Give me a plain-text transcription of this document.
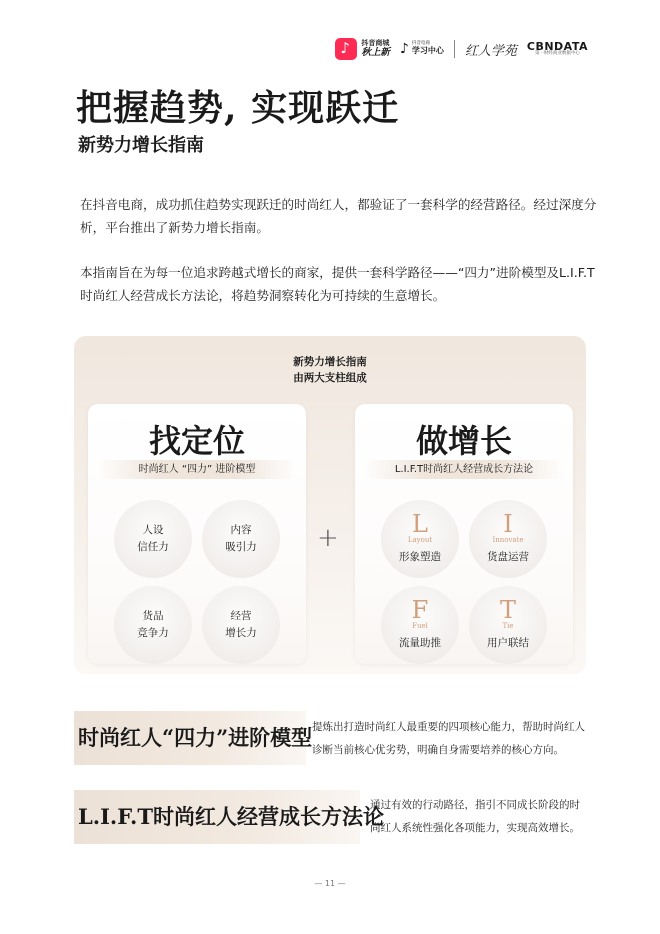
♪
抖音商城
秋上新 ♪ 抖音电商
学习中心 红人学苑 CBNDATA
第一财经商业数据中心
把握趋势, 实现跃迁
新势力增长指南

在抖音电商，成功抓住趋势实现跃迁的时尚红人，都验证了一套科学的经营路径。经过深度分析，平台推出了新势力增长指南。

本指南旨在为每一位追求跨越式增长的商家，提供一套科学路径——“四力”进阶模型及L.I.F.T时尚红人经营成长方法论，将趋势洞察转化为可持续的生意增长。

新势力增长指南
由两大支柱组成
找定位
时尚红人 “四力” 进阶模型
人设
信任力
内容
吸引力
货品
竞争力
经营
增长力
+
做增长
L.I.F.T时尚红人经营成长方法论
L
Layout
形象塑造
I
Innovate
货盘运营
F
Fuel
流量助推
T
Tie
用户联结
时尚红人“四力”进阶模型 提炼出打造时尚红人最重要的四项核心能力，帮助时尚红人诊断当前核心优劣势，明确自身需要培养的核心方向。

L.I.F.T时尚红人经营成长方法论

通过有效的行动路径，指引不同成长阶段的时尚红人系统性强化各项能力，实现高效增长。

— 11 —
